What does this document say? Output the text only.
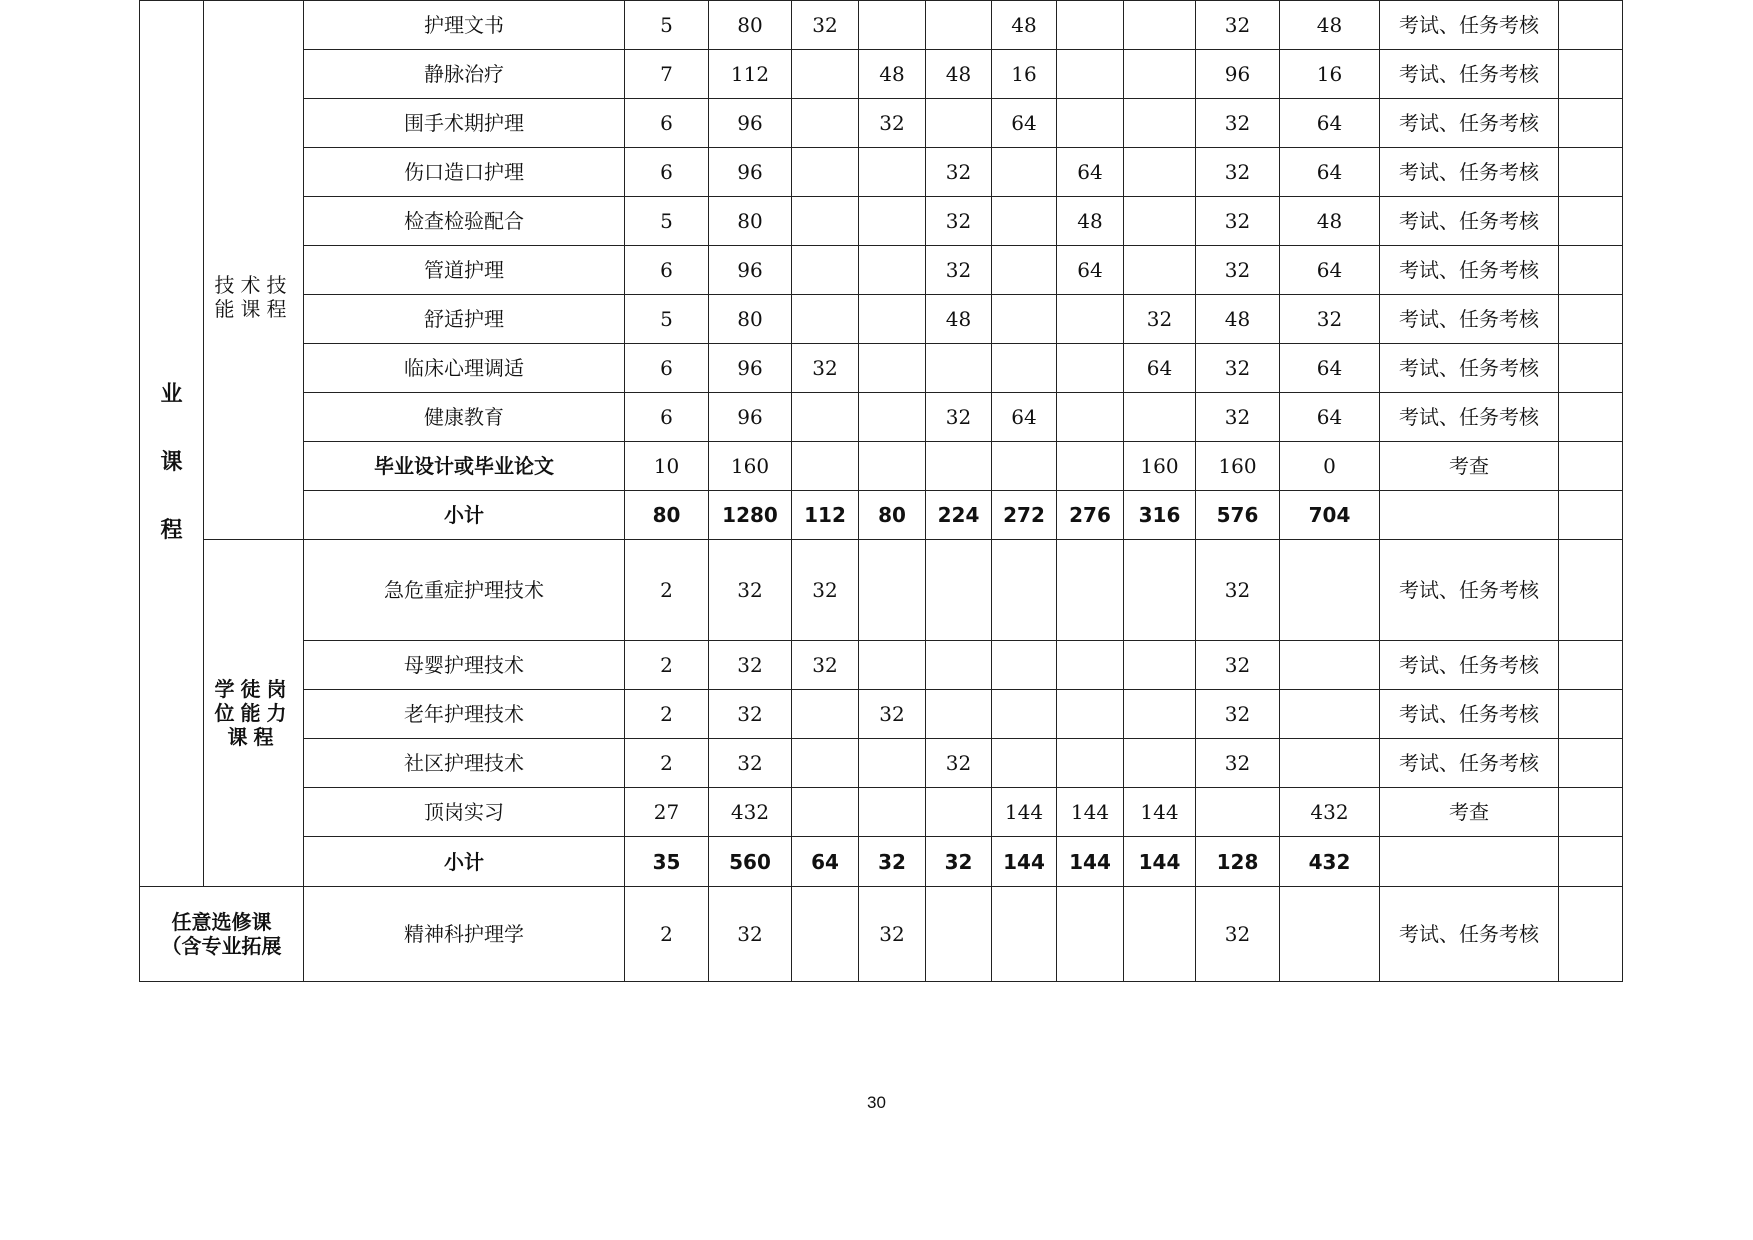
业
课
程	技术技能课程	护理文书	5	80	32			48			32	48	考试、任务考核	
		静脉治疗	7	112		48	48	16			96	16	考试、任务考核	
		围手术期护理	6	96		32		64			32	64	考试、任务考核	
		伤口造口护理	6	96			32		64		32	64	考试、任务考核	
		检查检验配合	5	80			32		48		32	48	考试、任务考核	
		管道护理	6	96			32		64		32	64	考试、任务考核	
		舒适护理	5	80			48			32	48	32	考试、任务考核	
		临床心理调适	6	96	32					64	32	64	考试、任务考核	
		健康教育	6	96			32	64			32	64	考试、任务考核	
		毕业设计或毕业论文	10	160						160	160	0	考查	
		小计	80	1280	112	80	224	272	276	316	576	704		
	学徒岗位能力课程	急危重症护理技术	2	32	32						32		考试、任务考核	
		母婴护理技术	2	32	32						32		考试、任务考核	
		老年护理技术	2	32		32					32		考试、任务考核	
		社区护理技术	2	32			32				32		考试、任务考核	
		顶岗实习	27	432				144	144	144		432	考查	
		小计	35	560	64	32	32	144	144	144	128	432		

任意选修课
（含专业拓展		精神科护理学	2	32		32					32		考试、任务考核	
30
